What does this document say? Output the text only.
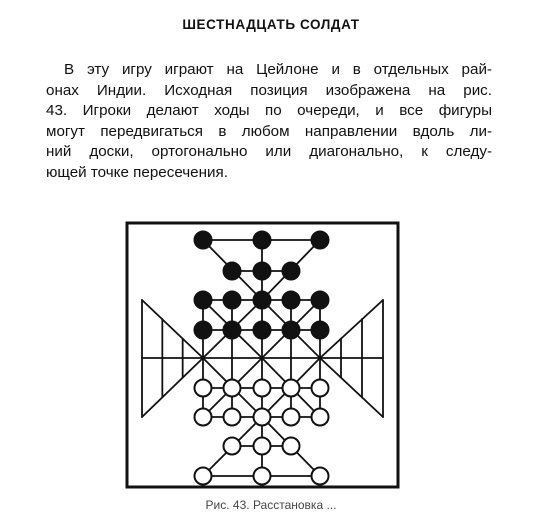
ШЕСТНАДЦАТЬ СОЛДАТ
В эту игру играют на Цейлоне и в отдельных рай-
онах Индии. Исходная позиция изображена на рис.
43. Игроки делают ходы по очереди, и все фигуры
могут передвигаться в любом направлении вдоль ли-
ний доски, ортогонально или диагонально, к следу-
ющей точке пересечения.
Рис. 43. Расстановка ...
